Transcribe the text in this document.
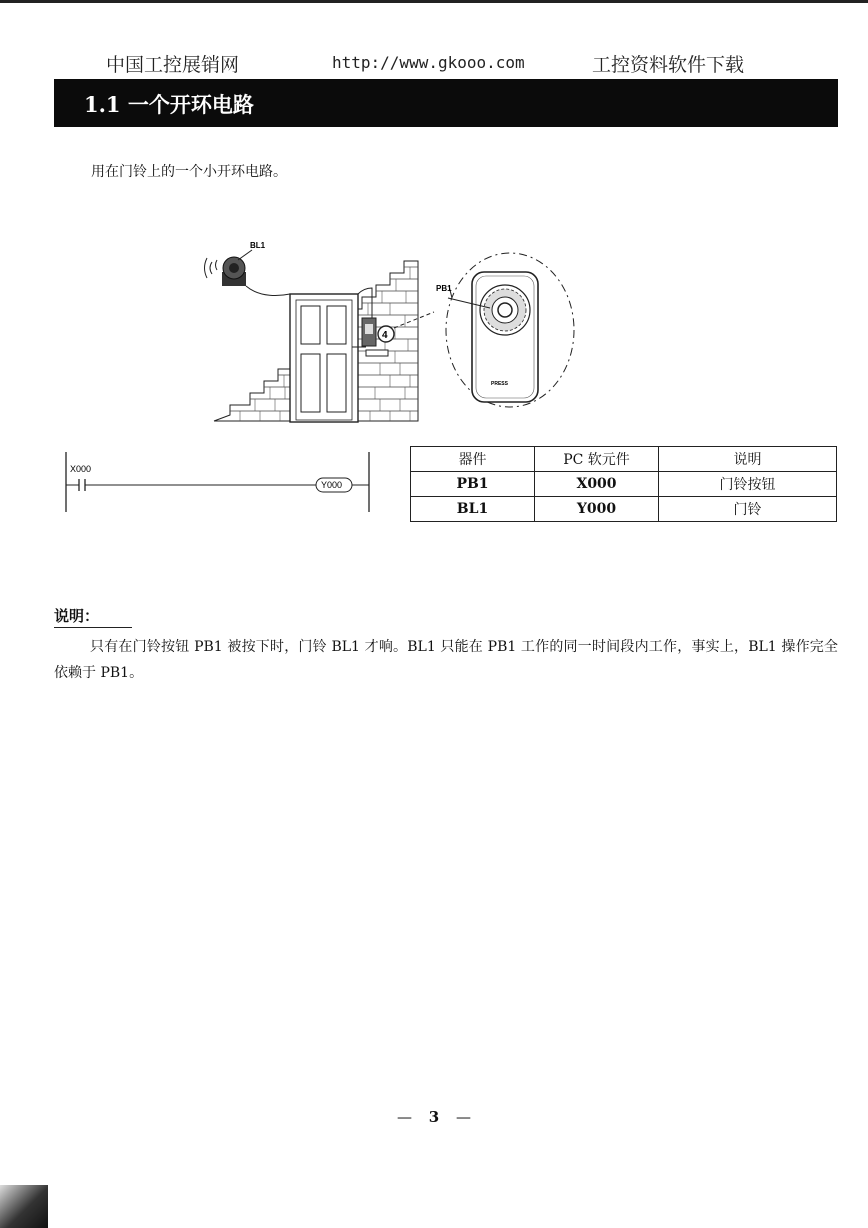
中国工控展销网	http://www.gkooo.com	工控资料软件下载
1.1 一个开环电路
用在门铃上的一个小开环电路。
BL1
4
PRESS
PB1
X000
Y000
器件	PC 软元件	说明
PB1	X000	门铃按钮
BL1	Y000	门铃
说明：
只有在门铃按钮 PB1 被按下时，门铃 BL1 才响。BL1 只能在 PB1 工作的同一时间段内工作，事实上，BL1 操作完全依赖于 PB1。
— 3 —
